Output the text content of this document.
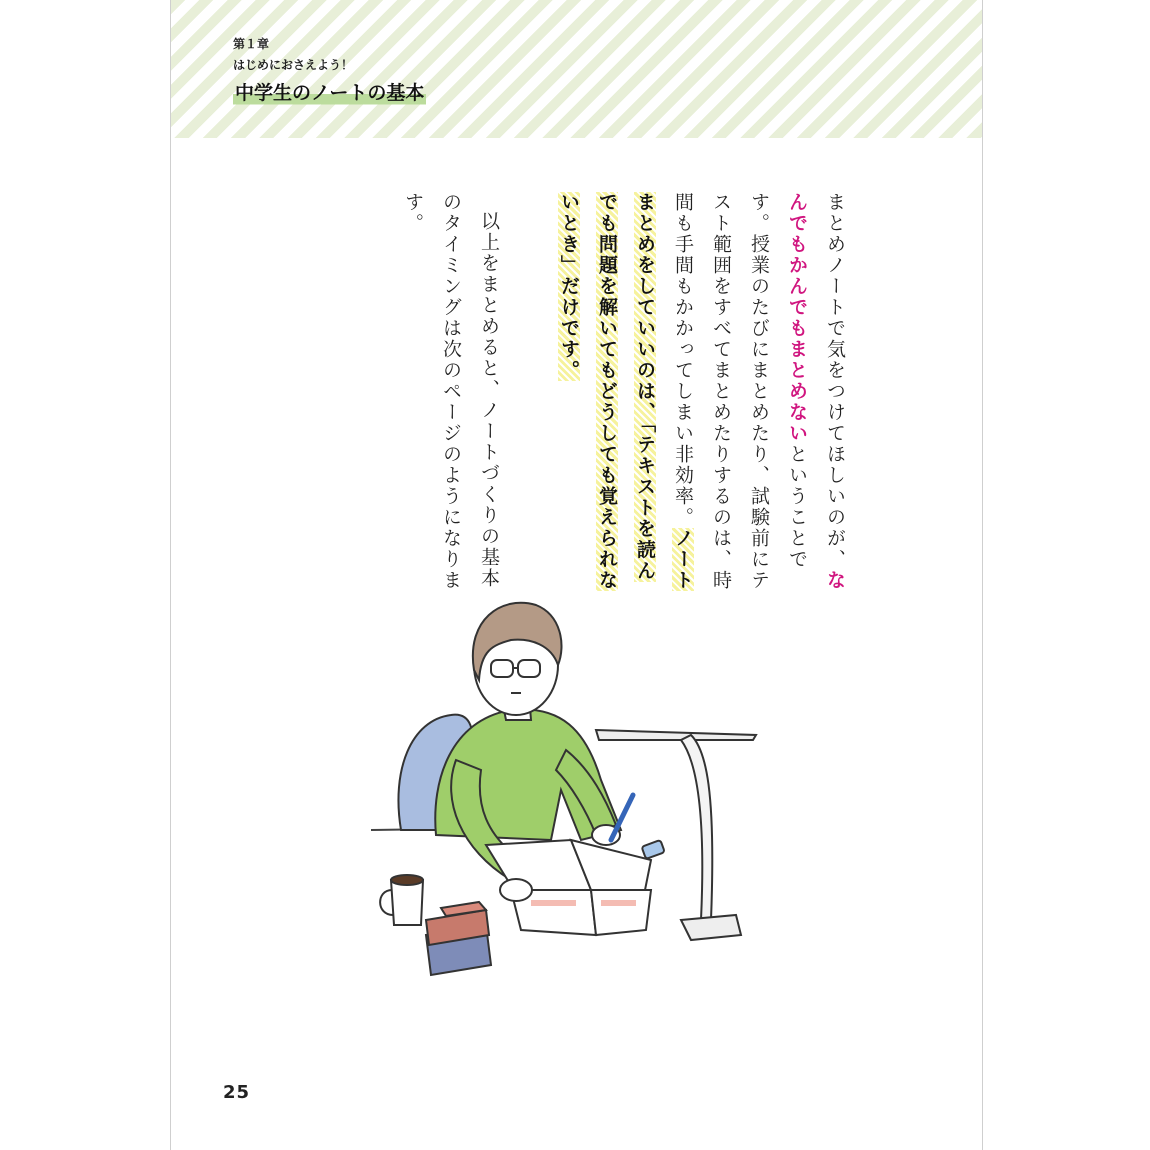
第１章
はじめにおさえよう！
中学生のノートの基本

まとめノートで気をつけてほしいのが、なんでもかんでもまとめないということです。授業のたびにまとめたり、試験前にテスト範囲をすべてまとめたりするのは、時間も手間もかかってしまい非効率。ノートまとめをしていいのは、「テキストを読んでも問題を解いてもどうしても覚えられないとき」だけです。

以上をまとめると、ノートづくりの基本のタイミングは次のページのようになります。

25
